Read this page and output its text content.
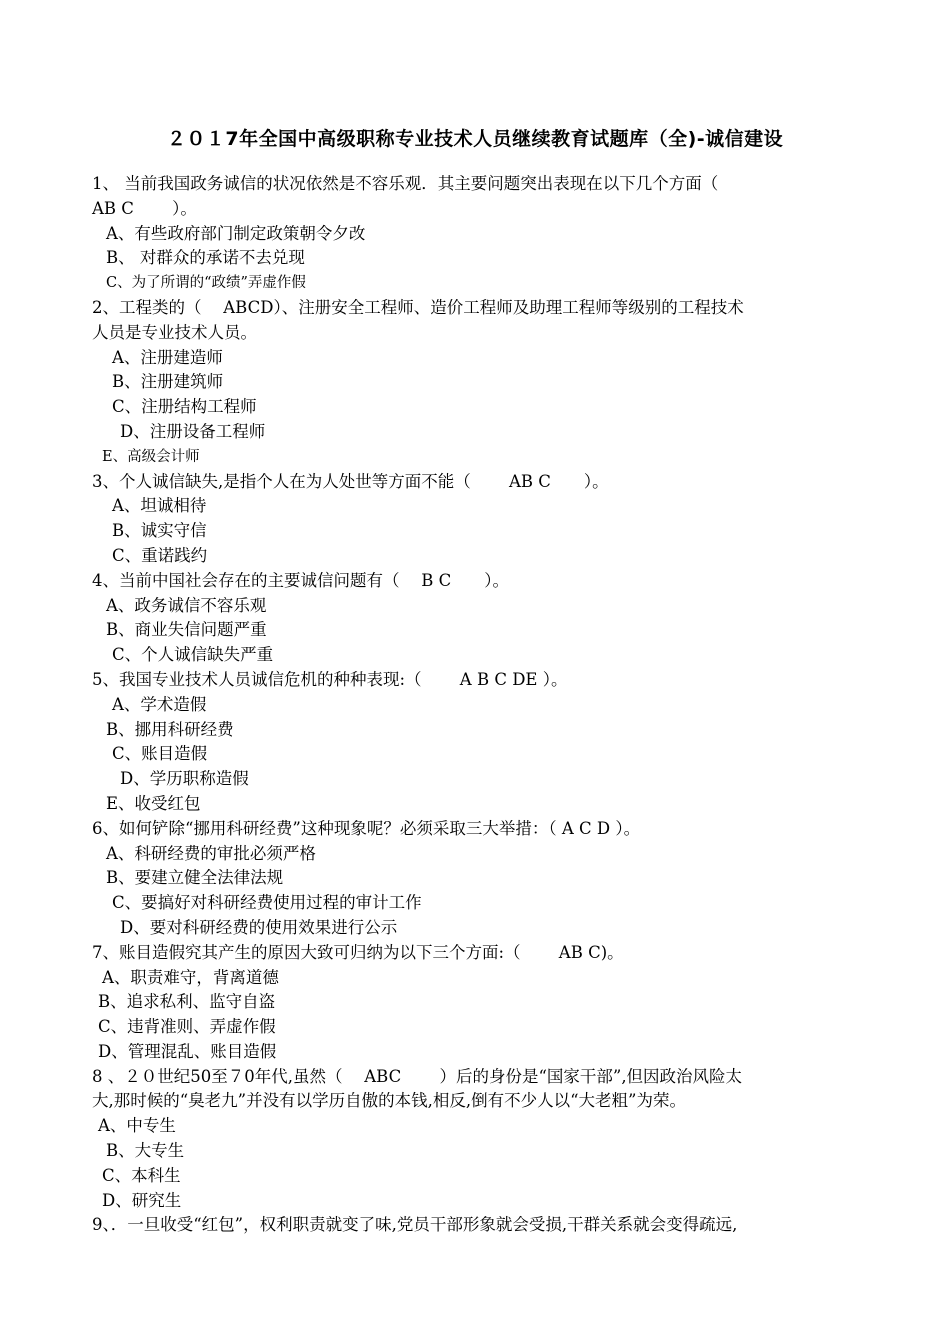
２０１7年全国中高级职称专业技术人员继续教育试题库（全)-诚信建设
1、 当前我国政务诚信的状况依然是不容乐观．其主要问题突出表现在以下几个方面（
AB C　　 ）。
A、有些政府部门制定政策朝令夕改
B、 对群众的承诺不去兑现
C、为了所谓的“政绩”弄虚作假
2、工程类的（　 ABCD）、注册安全工程师、造价工程师及助理工程师等级别的工程技术
人员是专业技术人员。
A、注册建造师
B、注册建筑师
C、注册结构工程师
D、注册设备工程师
E、高级会计师
3、个人诚信缺失,是指个人在为人处世等方面不能（　　 AB C　　）。
A、坦诚相待
B、诚实守信
C、重诺践约
4、当前中国社会存在的主要诚信问题有（　 B C　　）。
A、政务诚信不容乐观
B、商业失信问题严重
C、个人诚信缺失严重
5、我国专业技术人员诚信危机的种种表现:（　　 A B C DE ）。
A、学术造假
B、挪用科研经费
C、账目造假
D、学历职称造假
E、收受红包
6、如何铲除“挪用科研经费”这种现象呢？必须采取三大举措：（ A C D ）。
A、科研经费的审批必须严格
B、要建立健全法律法规
C、要搞好对科研经费使用过程的审计工作
D、要对科研经费的使用效果进行公示
7、账目造假究其产生的原因大致可归纳为以下三个方面:（　　 AB C)。
A、职责难守，背离道德
B、追求私利、监守自盗
C、违背准则、弄虚作假
D、管理混乱、账目造假
8 、２０世纪50至７0年代,虽然（　 ABC　　 ）后的身份是“国家干部”,但因政治风险太
大,那时候的“臭老九”并没有以学历自傲的本钱,相反,倒有不少人以“大老粗”为荣。
A、中专生
B、大专生
C、本科生
D、研究生
9、．一旦收受“红包”，权利职责就变了味,党员干部形象就会受损,干群关系就会变得疏远,
